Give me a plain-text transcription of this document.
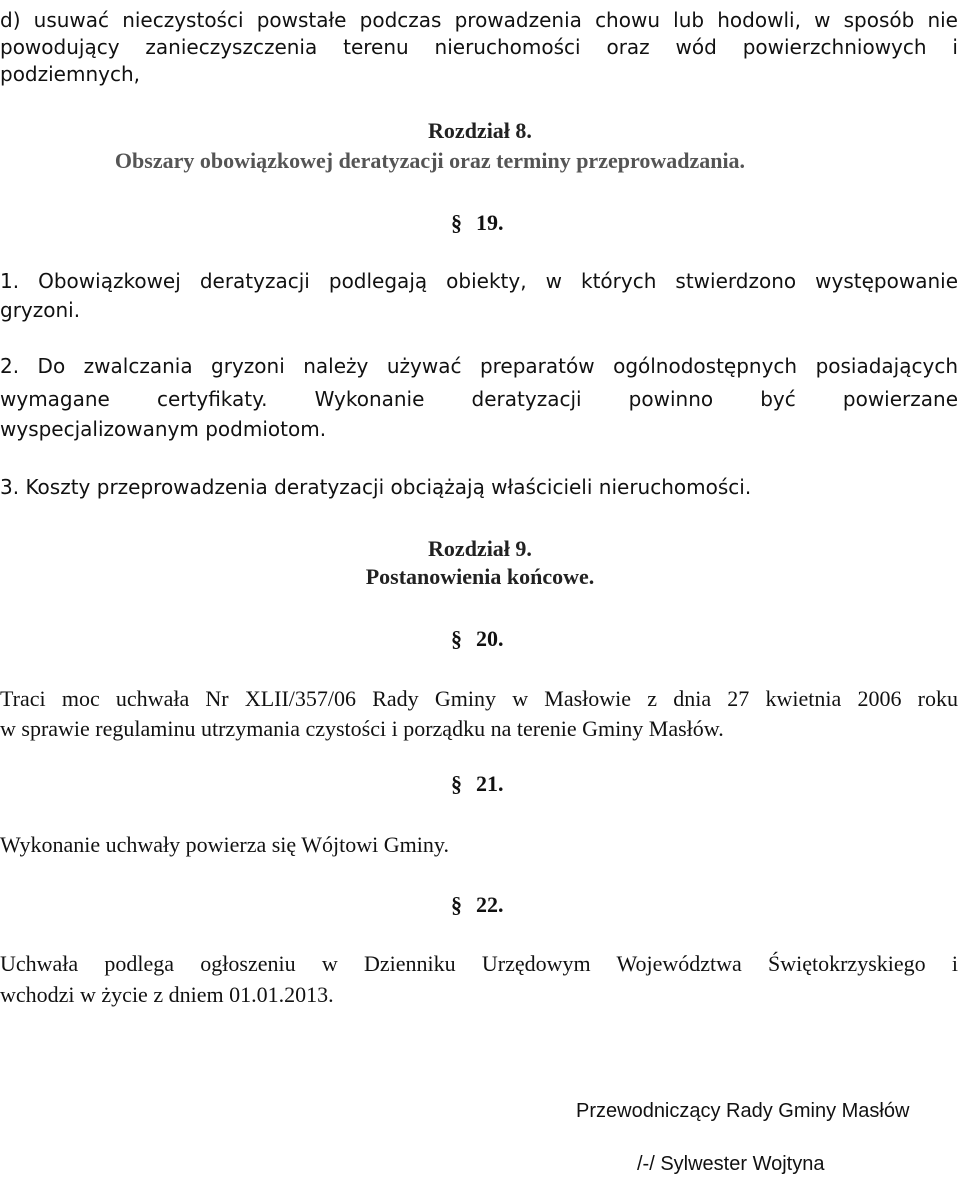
d) usuwać nieczystości powstałe podczas prowadzenia chowu lub hodowli, w sposób nie
powodujący zanieczyszczenia terenu nieruchomości oraz wód powierzchniowych i
podziemnych,
Rozdział 8.
Obszary obowiązkowej deratyzacji oraz terminy przeprowadzania.
§ 19.
1. Obowiązkowej deratyzacji podlegają obiekty, w których stwierdzono występowanie
gryzoni.
2. Do zwalczania gryzoni należy używać preparatów ogólnodostępnych posiadających
wymagane certyfikaty. Wykonanie deratyzacji powinno być powierzane
wyspecjalizowanym podmiotom.
3. Koszty przeprowadzenia deratyzacji obciążają właścicieli nieruchomości.
Rozdział 9.
Postanowienia końcowe.
§ 20.
Traci moc uchwała Nr XLII/357/06 Rady Gminy w Masłowie z dnia 27 kwietnia 2006 roku
w sprawie regulaminu utrzymania czystości i porządku na terenie Gminy Masłów.
§ 21.
Wykonanie uchwały powierza się Wójtowi Gminy.
§ 22.
Uchwała podlega ogłoszeniu w Dzienniku Urzędowym Województwa Świętokrzyskiego i
wchodzi w życie z dniem 01.01.2013.
Przewodniczący Rady Gminy Masłów
/-/ Sylwester Wojtyna
